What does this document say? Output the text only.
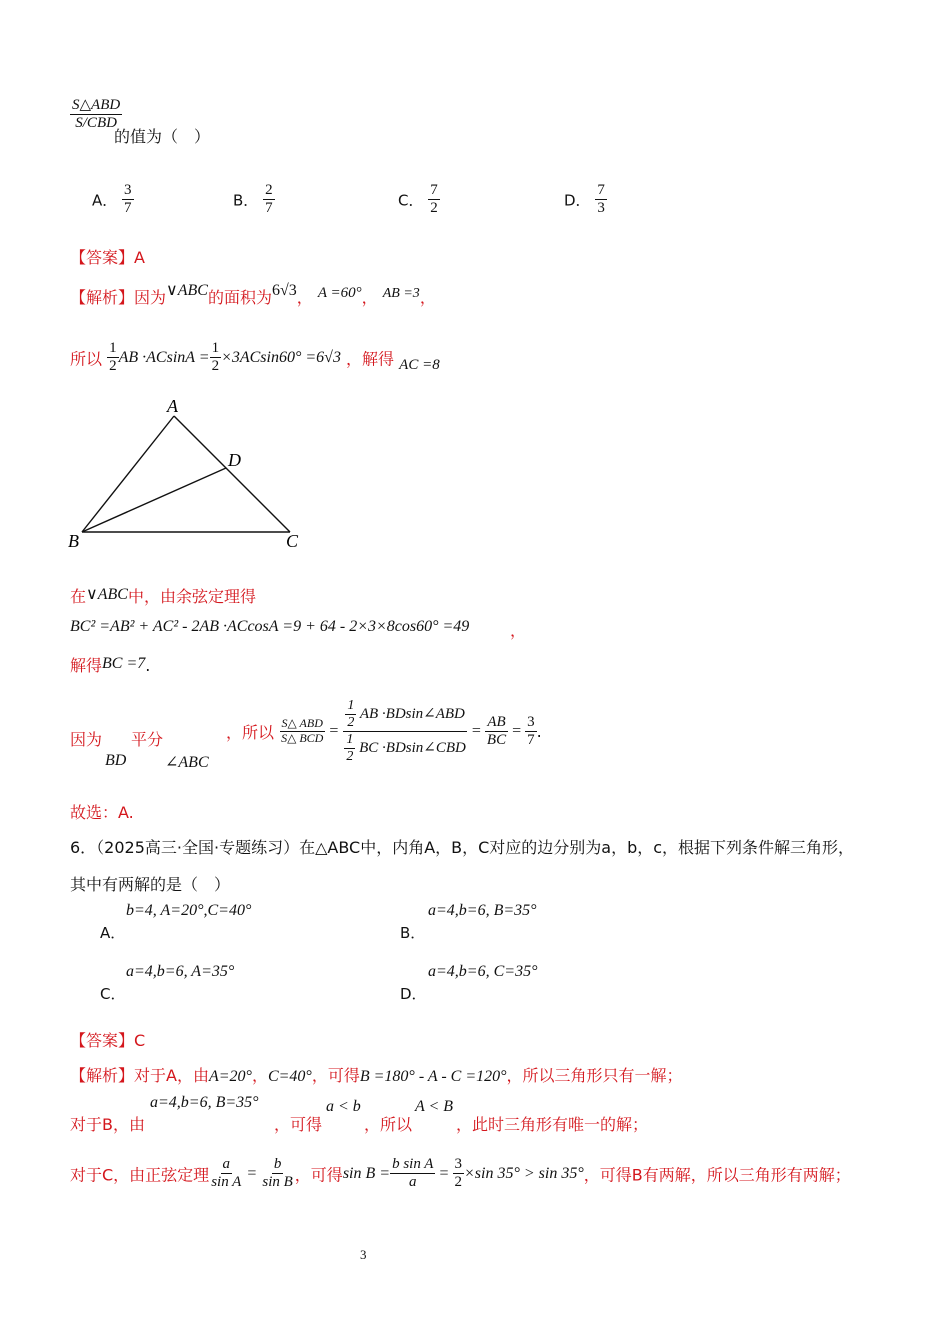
$\frac{\text{S△ABD}}{\text{S/CBD}}$
的值为（　）
A． $\frac{3}{7}$	B． $\frac{2}{7}$	C． $\frac{7}{2}$	D． $\frac{7}{3}$
【答案】A
【解析】因为∨ABC的面积为6√3， A =60°， AB =3，
所以 $\frac{1}{2}$ AB $\cdot ACsinA = \frac{1}{2} \times 3ACsin60^\circ =6√3$ ，解得 AC =8
A
D
B	C
在∨ABC中，由余弦定理得
BC² =AB² + AC² - 2AB ·ACcosA =9 + 64 - 2×3×8cos60° =49	，
解得BC =7.
因为
BD
平分
∠ABC
，所以 $\frac{\text{S△ ABD}}{\text{S△ BCD}} = \frac{\frac{1}{2} AB \cdot BDsin\angle ABD}{\frac{1}{2} BC \cdot BDsin\angle CBD} = \frac{AB}{BC} = \frac{3}{7}$ .
故选：A.
6．（2025高三·全国·专题练习）在△ABC中，内角A，B，C对应的边分别为a，b，c，根据下列条件解三角形，
其中有两解的是（　）
A．
b=4, A=20°,C=40°
B．
a=4,b=6, B=35°
C．
a=4,b=6, A=35°
D．
a=4,b=6, C=35°
【答案】C
【解析】对于A，由A=20°，C=40°，可得B =180° - A - C =120°，所以三角形只有一解；
对于B，由
a=4,b=6, B=35°
，可得
a < b
，所以
A < B
，此时三角形有唯一的解；
对于C，由正弦定理 $\frac{a}{\text{sin A}} = \frac{b}{\text{sin B}}$ ，可得$\sin B = \frac{\text{b sin A}}{a} = \frac{3}{2} \times\sin$ 35° > sin 35°，可得B有两解，所以三角形有两解；
3
